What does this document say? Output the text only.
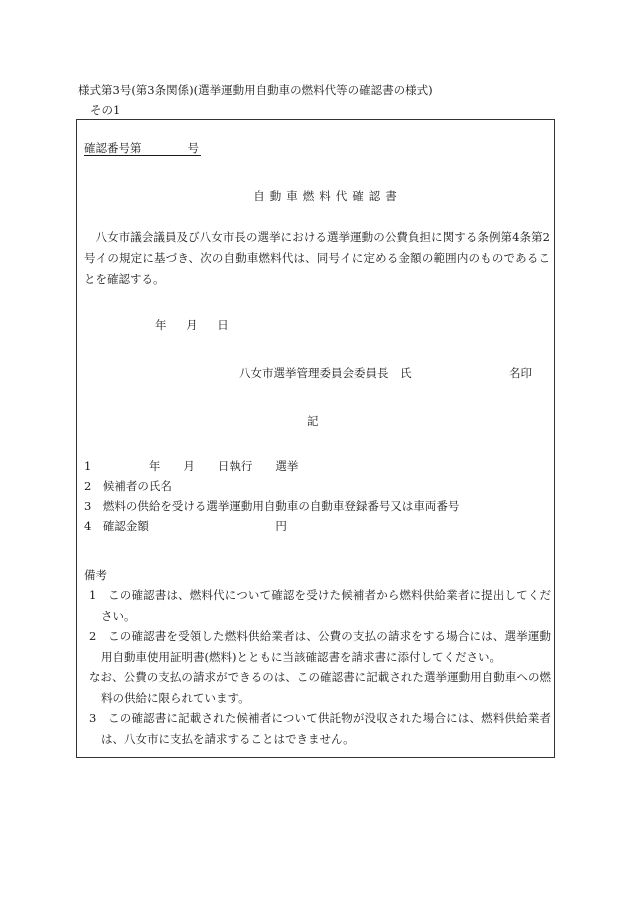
様式第3号(第3条関係)(選挙運動用自動車の燃料代等の確認書の様式)
その1
確認番号第　　　　号
自動車燃料代確認書
八女市議会議員及び八女市長の選挙における選挙運動の公費負担に関する条例第4条第2号イの規定に基づき、次の自動車燃料代は、同号イに定める金額の範囲内のものであることを確認する。
年 月 日
八女市選挙管理委員会委員長　氏	名印
記
1　　　　　年　　月　　日執行　　選挙
2　候補者の氏名
3　燃料の供給を受ける選挙運動用自動車の自動車登録番号又は車両番号
4　確認金額　　　　　　　　　　　円
備考

1　この確認書は、燃料代について確認を受けた候補者から燃料供給業者に提出してください。

2　この確認書を受領した燃料供給業者は、公費の支払の請求をする場合には、選挙運動用自動車使用証明書(燃料)とともに当該確認書を請求書に添付してください。

なお、公費の支払の請求ができるのは、この確認書に記載された選挙運動用自動車への燃料の供給に限られています。

3　この確認書に記載された候補者について供託物が没収された場合には、燃料供給業者は、八女市に支払を請求することはできません。
